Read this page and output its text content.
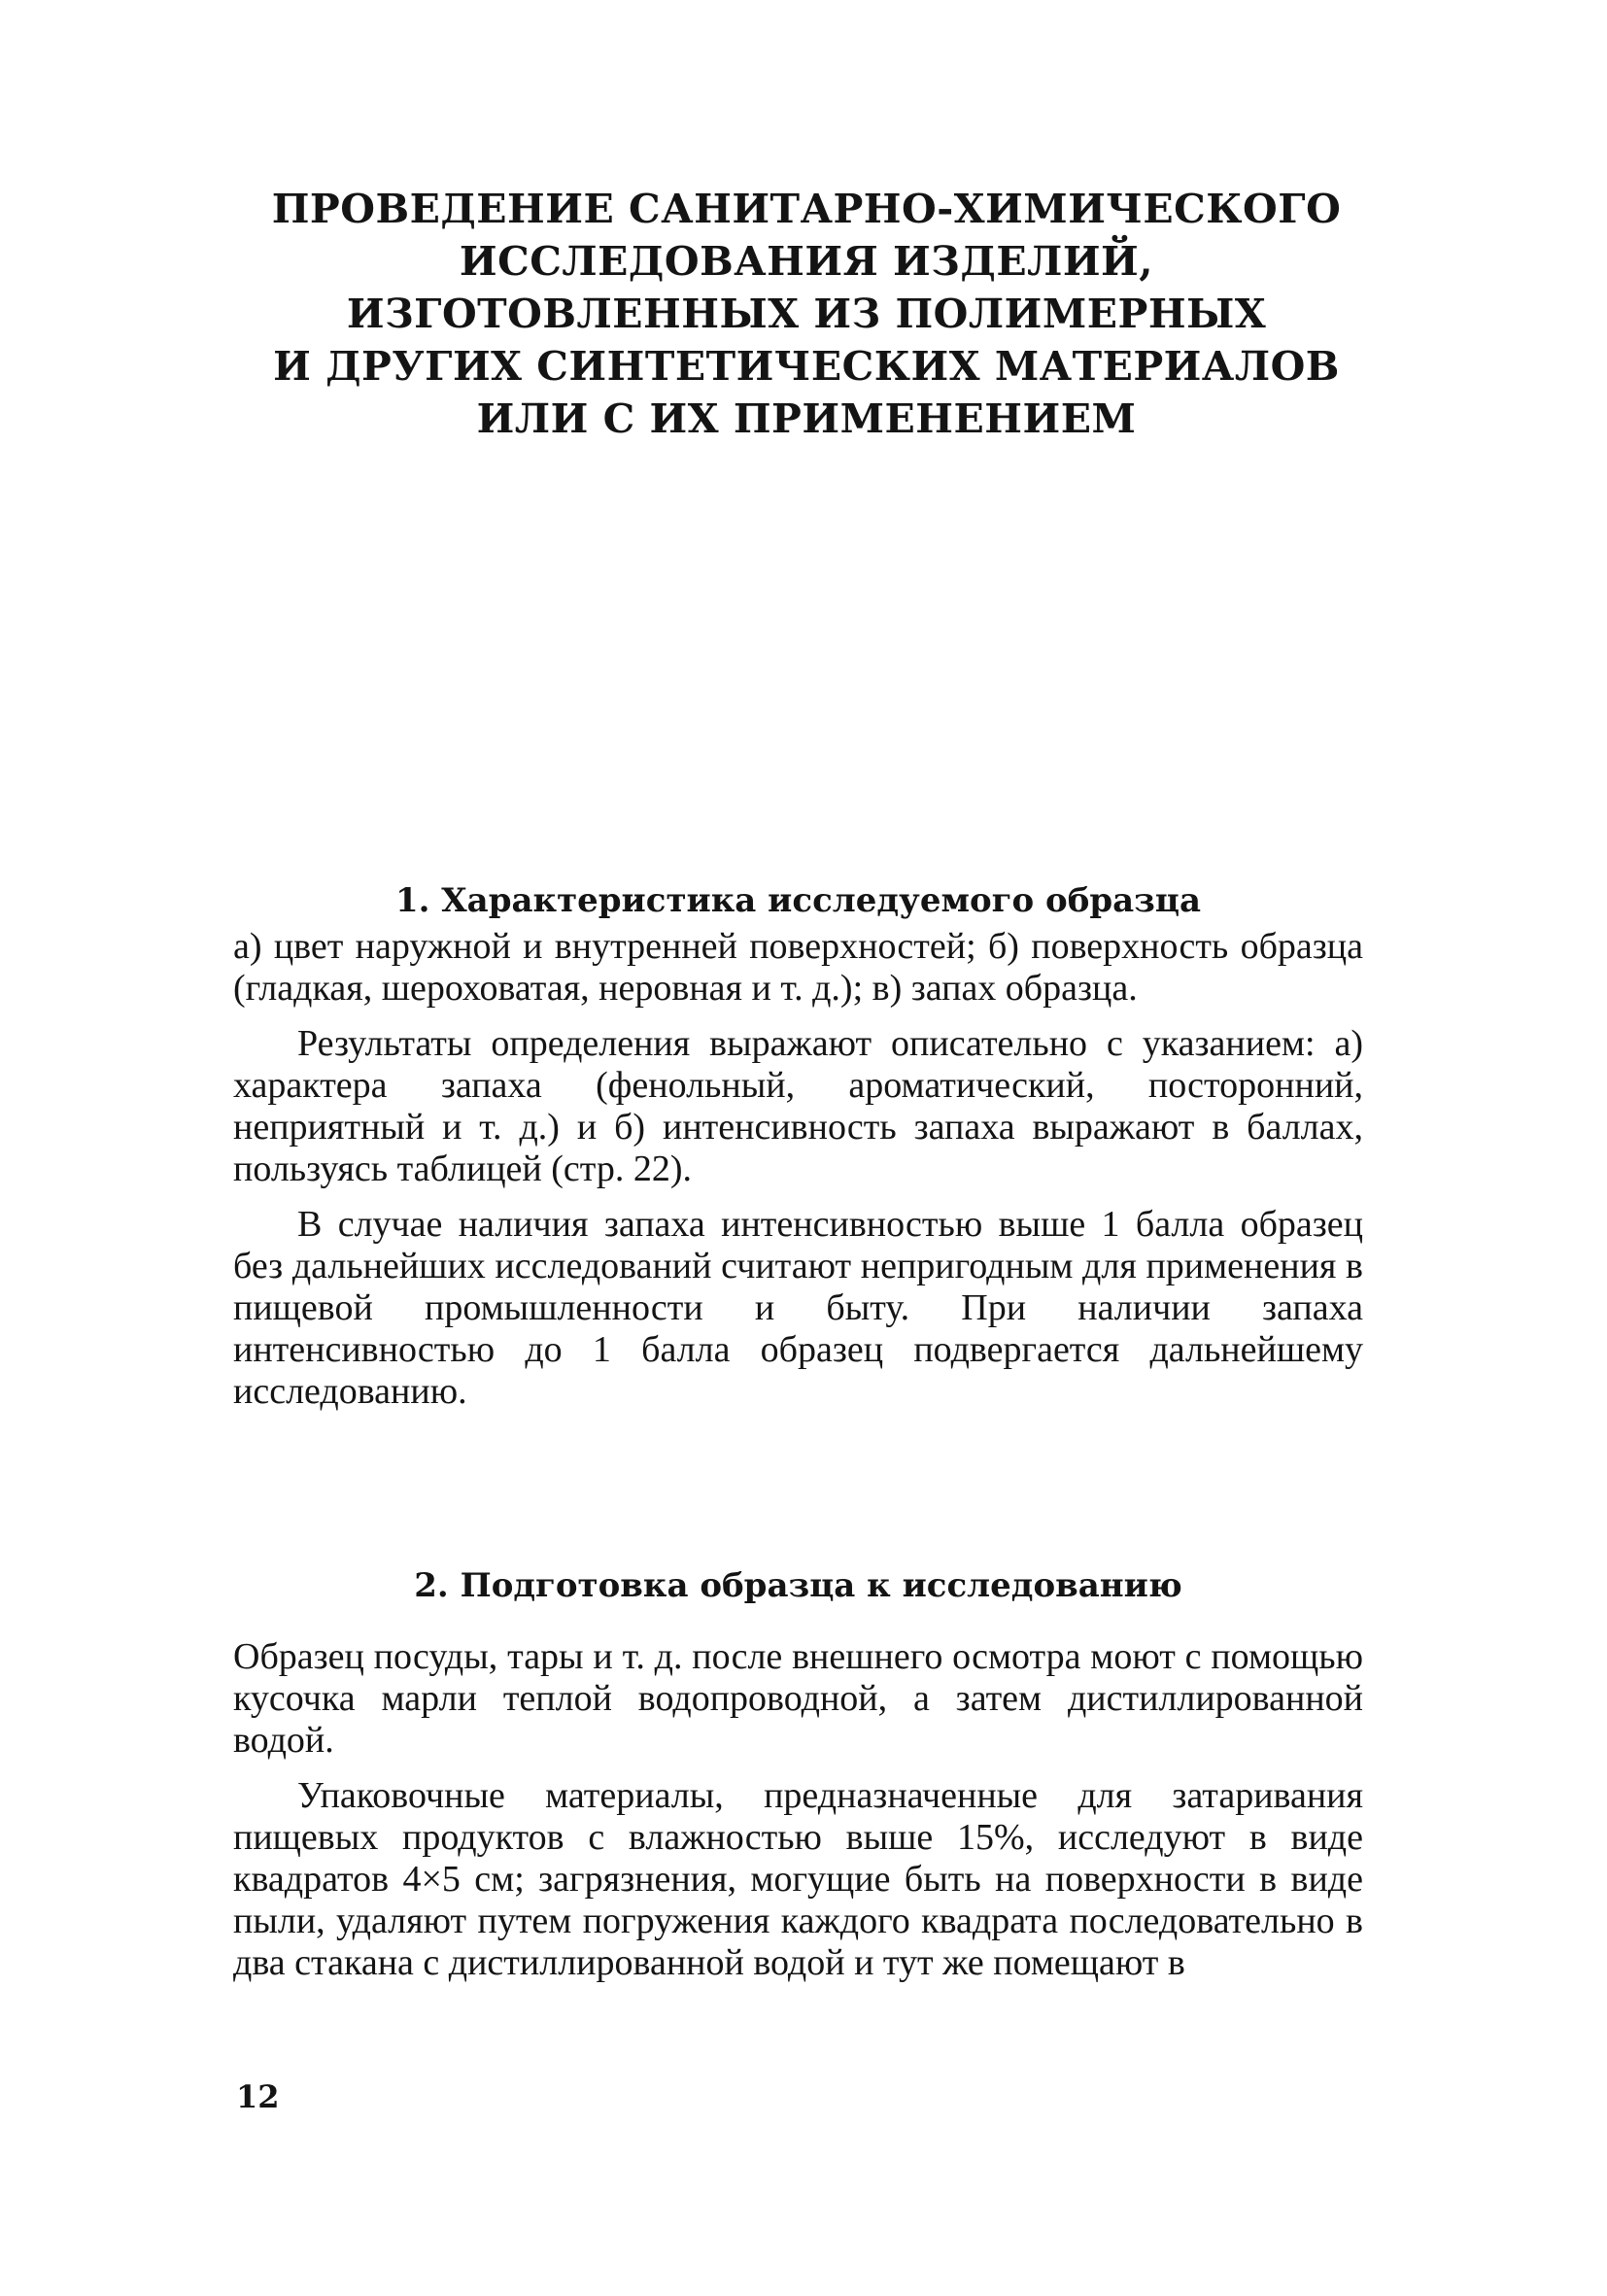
ПРОВЕДЕНИЕ САНИТАРНО-ХИМИЧЕСКОГО
ИССЛЕДОВАНИЯ ИЗДЕЛИЙ,
ИЗГОТОВЛЕННЫХ ИЗ ПОЛИМЕРНЫХ
И ДРУГИХ СИНТЕТИЧЕСКИХ МАТЕРИАЛОВ
ИЛИ С ИХ ПРИМЕНЕНИЕМ
1. Характеристика исследуемого образца

а) цвет наружной и внутренней поверхностей; б) поверхность образца (гладкая, шероховатая, неровная и т. д.); в) запах образца.

Результаты определения выражают описательно с указанием: а) характера запаха (фенольный, ароматический, посторонний, неприятный и т. д.) и б) интенсивность запаха выражают в баллах, пользуясь таблицей (стр. 22).

В случае наличия запаха интенсивностью выше 1 балла образец без дальнейших исследований считают непригодным для применения в пищевой промышленности и быту. При наличии запаха интенсивностью до 1 балла образец подвергается дальнейшему исследованию.

2. Подготовка образца к исследованию

Образец посуды, тары и т. д. после внешнего осмотра моют с помощью кусочка марли теплой водопроводной, а затем дистиллированной водой.

Упаковочные материалы, предназначенные для затаривания пищевых продуктов с влажностью выше 15%, исследуют в виде квадратов 4×5 см; загрязнения, могущие быть на поверхности в виде пыли, удаляют путем погружения каждого квадрата последовательно в два стакана с дистиллированной водой и тут же помещают в

12
